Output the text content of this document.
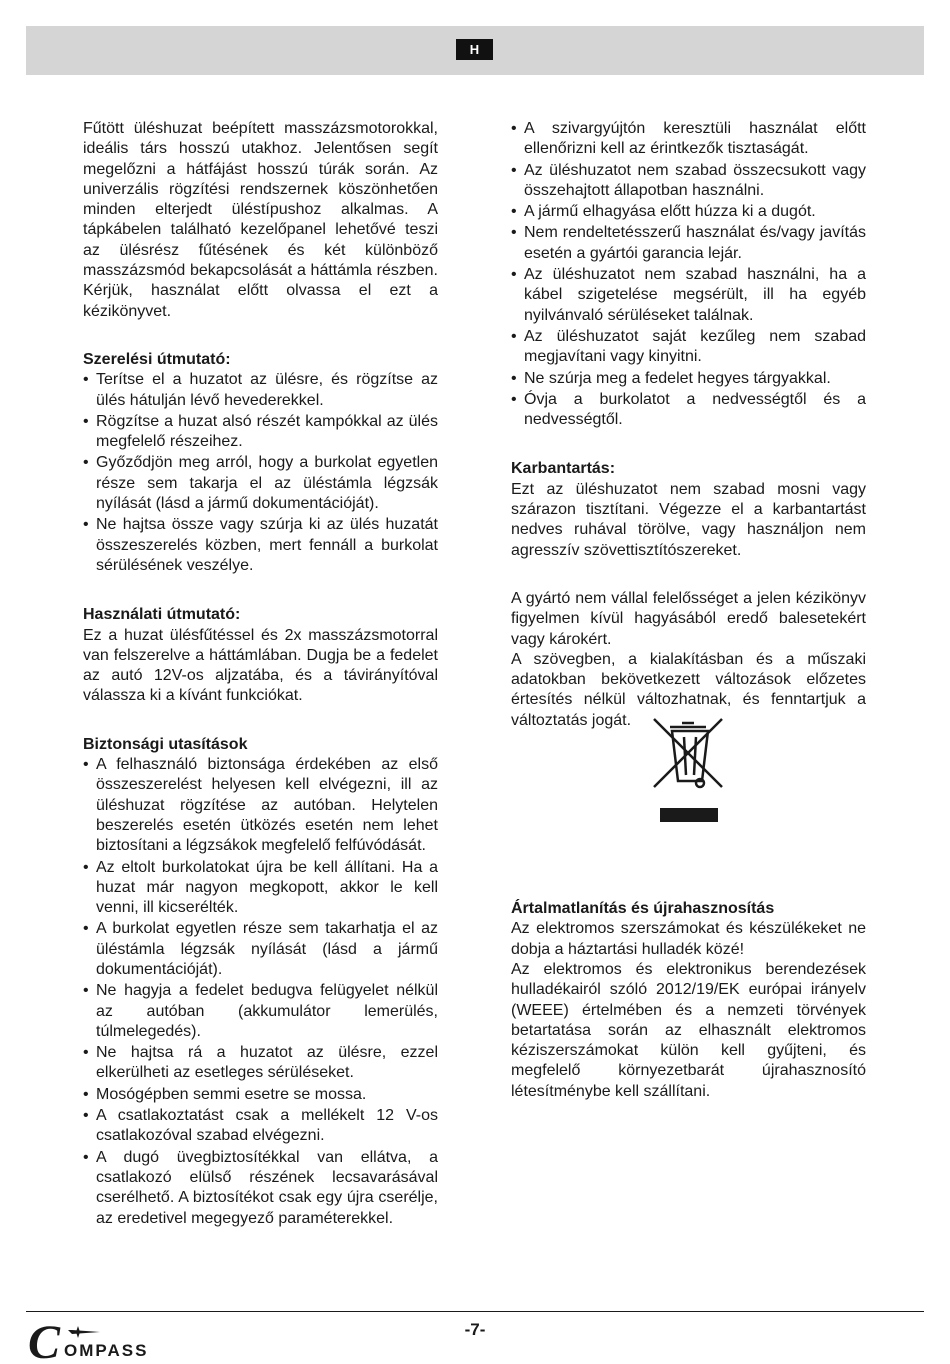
H

Fűtött üléshuzat beépített masszázsmotorokkal, ideális társ hosszú utakhoz. Jelentősen segít megelőzni a hátfájást hosszú túrák során. Az univerzális rögzítési rendszernek köszönhetően minden elterjedt üléstípushoz alkalmas. A tápkábelen található kezelőpanel lehetővé teszi az ülésrész fűtésének és két különböző masszázsmód bekapcsolását a háttámla részben. Kérjük, használat előtt olvassa el ezt a kézikönyvet.

Szerelési útmutató:
• Terítse el a huzatot az ülésre, és rögzítse az ülés hátulján lévő hevederekkel.
• Rögzítse a huzat alsó részét kampókkal az ülés megfelelő részeihez.
• Győződjön meg arról, hogy a burkolat egyetlen része sem takarja el az üléstámla légzsák nyílását (lásd a jármű dokumentációját).
• Ne hajtsa össze vagy szúrja ki az ülés huzatát összeszerelés közben, mert fennáll a burkolat sérülésének veszélye.
Használati útmutató:

Ez a huzat ülésfűtéssel és 2x masszázsmotorral van felszerelve a háttámlában. Dugja be a fedelet az autó 12V-os aljzatába, és a távirányítóval válassza ki a kívánt funkciókat.

Biztonsági utasítások
• A felhasználó biztonsága érdekében az első összeszerelést helyesen kell elvégezni, ill az üléshuzat rögzítése az autóban. Helytelen beszerelés esetén ütközés esetén nem lehet biztosítani a légzsákok megfelelő felfúvódását.
• Az eltolt burkolatokat újra be kell állítani. Ha a huzat már nagyon megkopott, akkor le kell venni, ill kicserélték.
• A burkolat egyetlen része sem takarhatja el az üléstámla légzsák nyílását (lásd a jármű dokumentációját).
• Ne hagyja a fedelet bedugva felügyelet nélkül az autóban (akkumulátor lemerülés, túlmelegedés).
• Ne hajtsa rá a huzatot az ülésre, ezzel elkerülheti az esetleges sérüléseket.
• Mosógépben semmi esetre se mossa.
• A csatlakoztatást csak a mellékelt 12 V-os csatlakozóval szabad elvégezni.
• A dugó üvegbiztosítékkal van ellátva, a csatlakozó elülső részének lecsavarásával cserélhető. A biztosítékot csak egy újra cserélje, az eredetivel megegyező paraméterekkel.
• A szivargyújtón keresztüli használat előtt ellenőrizni kell az érintkezők tisztaságát.
• Az üléshuzatot nem szabad összecsukott vagy összehajtott állapotban használni.
• A jármű elhagyása előtt húzza ki a dugót.
• Nem rendeltetésszerű használat és/vagy javítás esetén a gyártói garancia lejár.
• Az üléshuzatot nem szabad használni, ha a kábel szigetelése megsérült, ill ha egyéb nyilvánvaló sérüléseket találnak.
• Az üléshuzatot saját kezűleg nem szabad megjavítani vagy kinyitni.
• Ne szúrja meg a fedelet hegyes tárgyakkal.
• Óvja a burkolatot a nedvességtől és a nedvességtől.
Karbantartás:

Ezt az üléshuzatot nem szabad mosni vagy szárazon tisztítani. Végezze el a karbantartást nedves ruhával törölve, vagy használjon nem agresszív szövettisztítószereket.

A gyártó nem vállal felelősséget a jelen kézikönyv figyelmen kívül hagyásából eredő balesetekért vagy károkért.

A szövegben, a kialakításban és a műszaki adatokban bekövetkezett változások előzetes értesítés nélkül változhatnak, és fenntartjuk a változtatás jogát.

Ártalmatlanítás és újrahasznosítás

Az elektromos szerszámokat és készülékeket ne dobja a háztartási hulladék közé!

Az elektromos és elektronikus berendezések hulladékairól szóló 2012/19/EK európai irányelv (WEEE) értelmében és a nemzeti törvények betartatása során az elhasznált elektromos kéziszerszámokat külön kell gyűjteni, és megfelelő környezetbarát újrahasznosító létesítménybe kell szállítani.

-7-
C OMPASS
